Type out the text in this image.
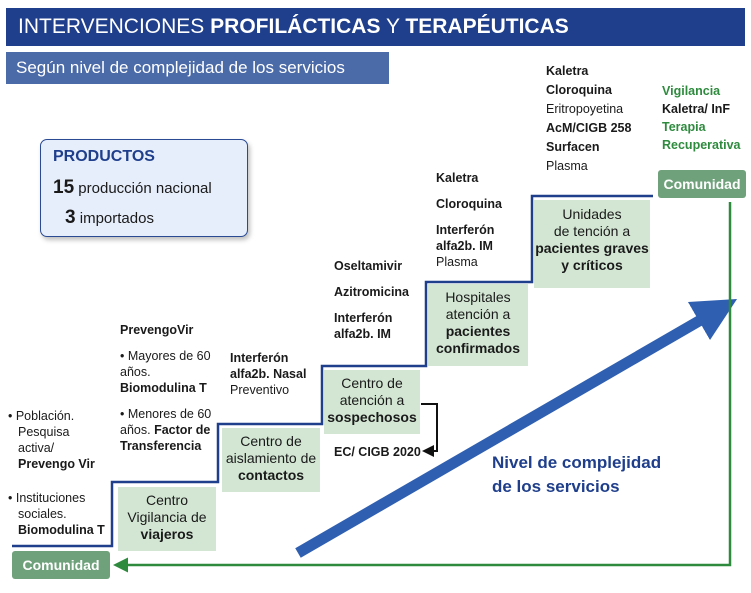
INTERVENCIONES PROFILÁCTICAS Y TERAPÉUTICAS
Según nivel de complejidad de los servicios
PRODUCTOS
15 producción nacional
3 importados
Centro
Vigilancia de
viajeros
Centro de
aislamiento de
contactos
Centro de
atención a
sospechosos
Hospitales
atención a
pacientes
confirmados
Unidades
de tención a
pacientes graves
y críticos
Comunidad
Comunidad
• Población.
Pesquisa
activa/
Prevengo Vir
• Instituciones
sociales.
Biomodulina T
PrevengoVir
• Mayores de 60
años.
Biomodulina T
• Menores de 60
años. Factor de
Transferencia
Interferón
alfa2b. Nasal
Preventivo
Oseltamivir
Azitromicina
Interferón
alfa2b. IM
EC/ CIGB 2020
Kaletra
Cloroquina
Interferón
alfa2b. IM
Plasma
Kaletra
Cloroquina
Eritropoyetina
AcM/CIGB 258
Surfacen
Plasma
Vigilancia
Kaletra/ InF
Terapia
Recuperativa
Nivel de complejidad
de los servicios
